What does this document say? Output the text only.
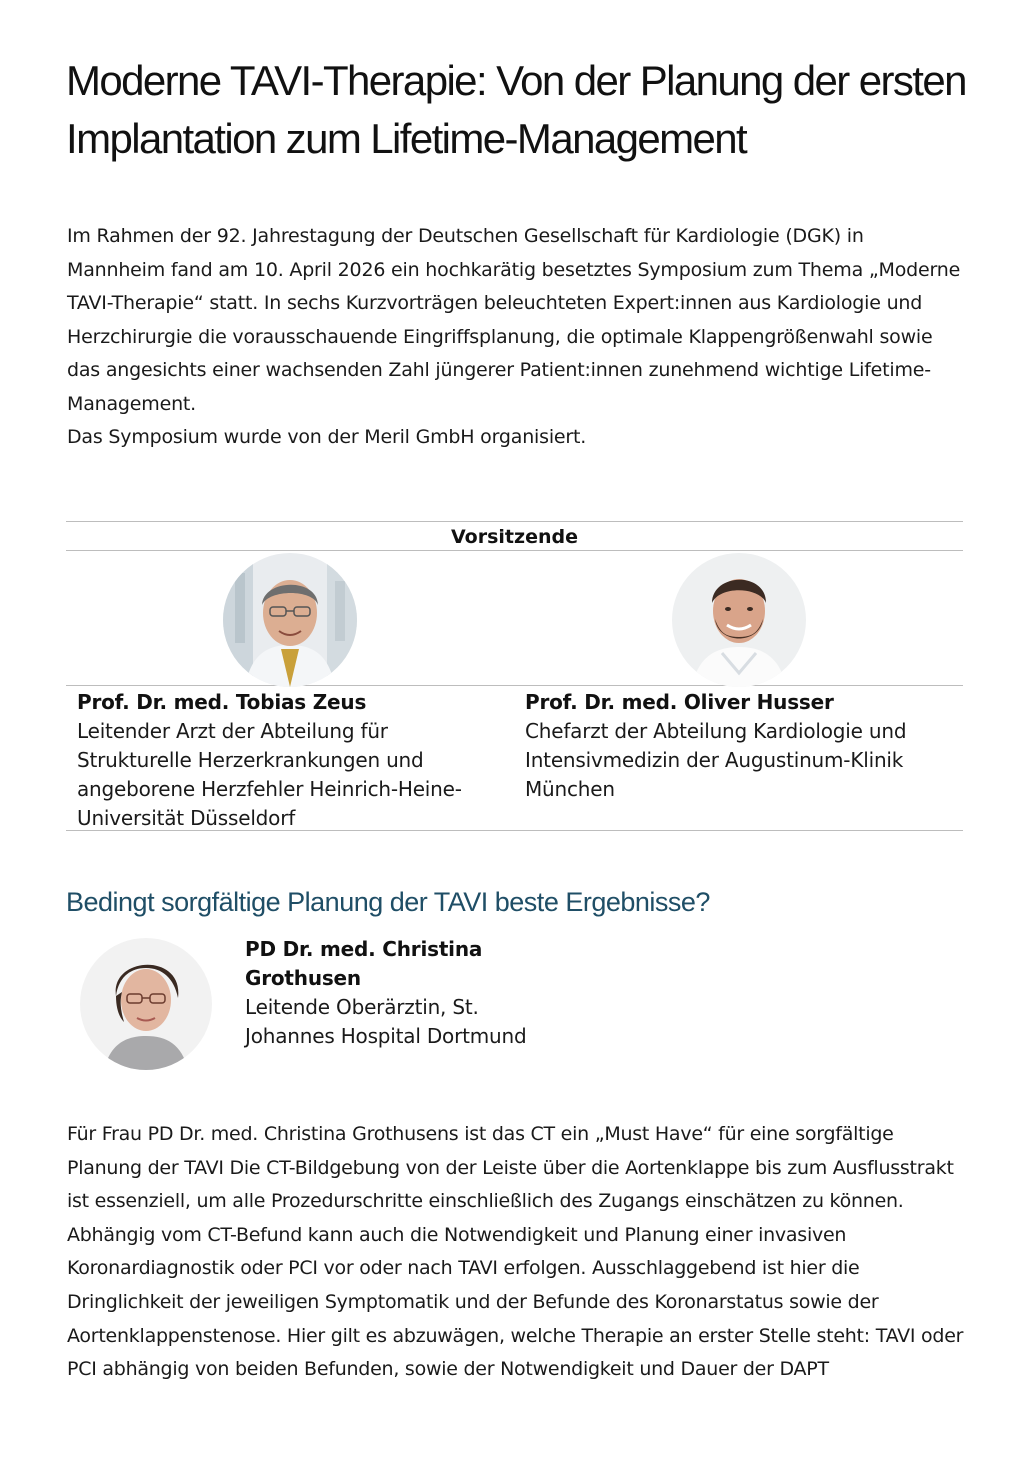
Moderne TAVI-Therapie: Von der Planung der ersten Implantation zum Lifetime-Management

Im Rahmen der 92. Jahrestagung der Deutschen Gesellschaft für Kardiologie (DGK) in Mannheim fand am 10. April 2026 ein hochkarätig besetztes Symposium zum Thema „Moderne TAVI-Therapie“ statt. In sechs Kurzvorträgen beleuchteten Expert:innen aus Kardiologie und Herzchirurgie die vorausschauende Eingriffsplanung, die optimale Klappengrößenwahl sowie das angesichts einer wachsenden Zahl jüngerer Patient:innen zunehmend wichtige Lifetime-Management.

Das Symposium wurde von der Meril GmbH organisiert.

Vorsitzende
Prof. Dr. med. Tobias Zeus
Leitender Arzt der Abteilung für Strukturelle Herzerkrankungen und angeborene Herzfehler Heinrich-Heine-Universität Düsseldorf
Prof. Dr. med. Oliver Husser
Chefarzt der Abteilung Kardiologie und Intensivmedizin der Augustinum-Klinik München
Bedingt sorgfältige Planung der TAVI beste Ergebnisse?
PD Dr. med. Christina Grothusen
Leitende Oberärztin, St. Johannes Hospital Dortmund

Für Frau PD Dr. med. Christina Grothusens ist das CT ein „Must Have“ für eine sorgfältige Planung der TAVI Die CT-Bildgebung von der Leiste über die Aortenklappe bis zum Ausflusstrakt ist essenziell, um alle Prozedurschritte einschließlich des Zugangs einschätzen zu können. Abhängig vom CT-Befund kann auch die Notwendigkeit und Planung einer invasiven Koronardiagnostik oder PCI vor oder nach TAVI erfolgen. Ausschlaggebend ist hier die Dringlichkeit der jeweiligen Symptomatik und der Befunde des Koronarstatus sowie der Aortenklappenstenose. Hier gilt es abzuwägen, welche Therapie an erster Stelle steht: TAVI oder PCI abhängig von beiden Befunden, sowie der Notwendigkeit und Dauer der DAPT
